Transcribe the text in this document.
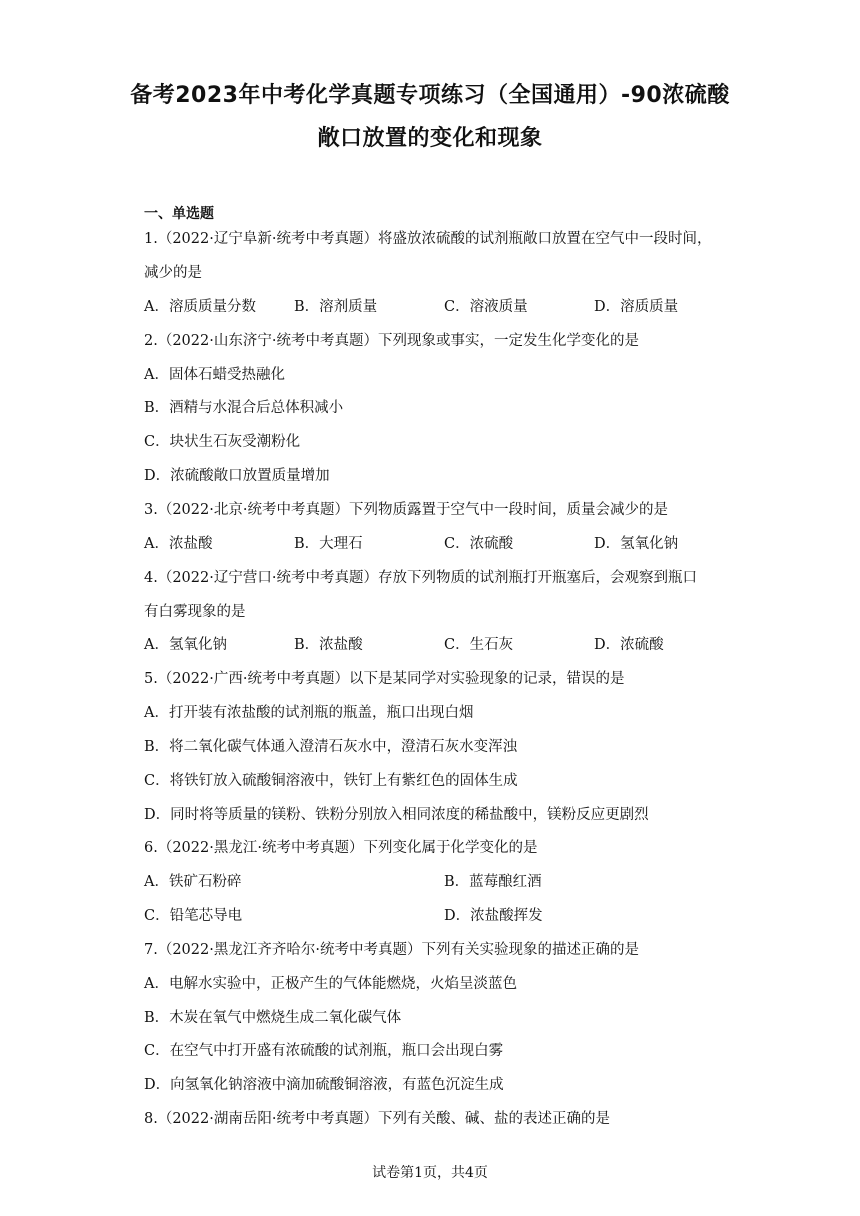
备考2023年中考化学真题专项练习（全国通用）-90浓硫酸
敞口放置的变化和现象
一、单选题
1.（2022·辽宁阜新·统考中考真题）将盛放浓硫酸的试剂瓶敞口放置在空气中一段时间，
减少的是
A．溶质质量分数	B．溶剂质量	C．溶液质量	D．溶质质量
2.（2022·山东济宁·统考中考真题）下列现象或事实，一定发生化学变化的是
A．固体石蜡受热融化
B．酒精与水混合后总体积减小
C．块状生石灰受潮粉化
D．浓硫酸敞口放置质量增加
3.（2022·北京·统考中考真题）下列物质露置于空气中一段时间，质量会减少的是
A．浓盐酸	B．大理石	C．浓硫酸	D．氢氧化钠
4.（2022·辽宁营口·统考中考真题）存放下列物质的试剂瓶打开瓶塞后，会观察到瓶口
有白雾现象的是
A．氢氧化钠	B．浓盐酸	C．生石灰	D．浓硫酸
5.（2022·广西·统考中考真题）以下是某同学对实验现象的记录，错误的是
A．打开装有浓盐酸的试剂瓶的瓶盖，瓶口出现白烟
B．将二氧化碳气体通入澄清石灰水中，澄清石灰水变浑浊
C．将铁钉放入硫酸铜溶液中，铁钉上有紫红色的固体生成
D．同时将等质量的镁粉、铁粉分别放入相同浓度的稀盐酸中，镁粉反应更剧烈
6.（2022·黑龙江·统考中考真题）下列变化属于化学变化的是
A．铁矿石粉碎	B．蓝莓酿红酒
C．铅笔芯导电	D．浓盐酸挥发
7.（2022·黑龙江齐齐哈尔·统考中考真题）下列有关实验现象的描述正确的是
A．电解水实验中，正极产生的气体能燃烧，火焰呈淡蓝色
B．木炭在氧气中燃烧生成二氧化碳气体
C．在空气中打开盛有浓硫酸的试剂瓶，瓶口会出现白雾
D．向氢氧化钠溶液中滴加硫酸铜溶液，有蓝色沉淀生成
8.（2022·湖南岳阳·统考中考真题）下列有关酸、碱、盐的表述正确的是
试卷第1页，共4页
